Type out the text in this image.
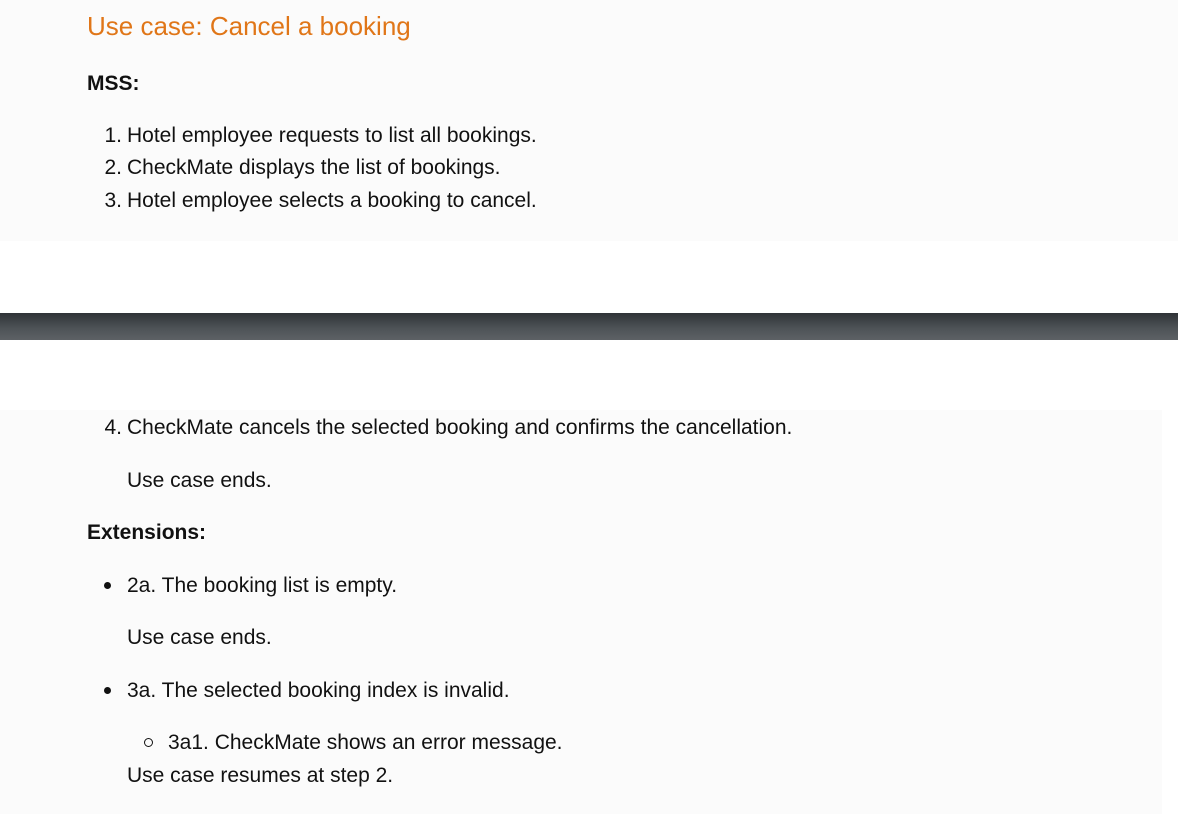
Use case: Cancel a booking
MSS:
1. Hotel employee requests to list all bookings.
2. CheckMate displays the list of bookings.
3. Hotel employee selects a booking to cancel.
4. CheckMate cancels the selected booking and confirms the cancellation.
Use case ends.
Extensions:
2a. The booking list is empty.
Use case ends.
3a. The selected booking index is invalid.
3a1. CheckMate shows an error message.
Use case resumes at step 2.
